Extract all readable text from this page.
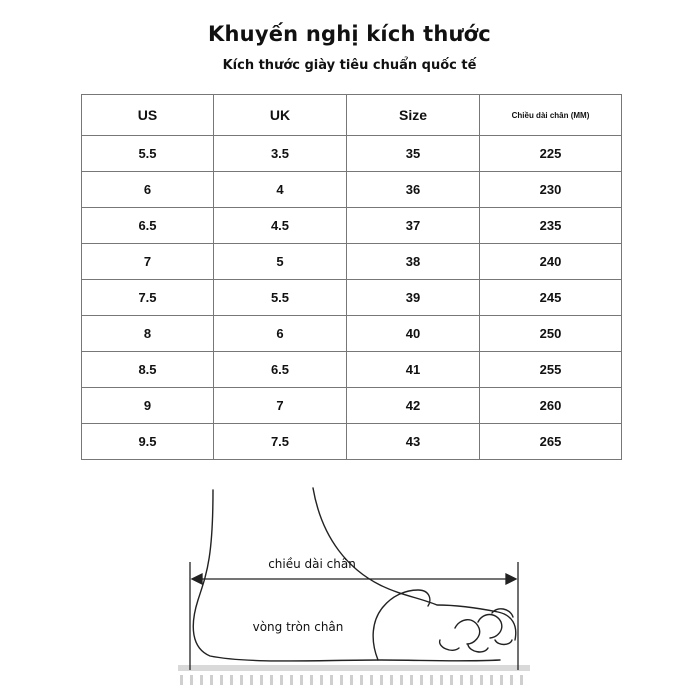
Khuyến nghị kích thước
Kích thước giày tiêu chuẩn quốc tế
US	UK	Size	Chiều dài chân (MM)
5.5	3.5	35	225
6	4	36	230
6.5	4.5	37	235
7	5	38	240
7.5	5.5	39	245
8	6	40	250
8.5	6.5	41	255
9	7	42	260
9.5	7.5	43	265
chiều dài chân
vòng tròn chân
